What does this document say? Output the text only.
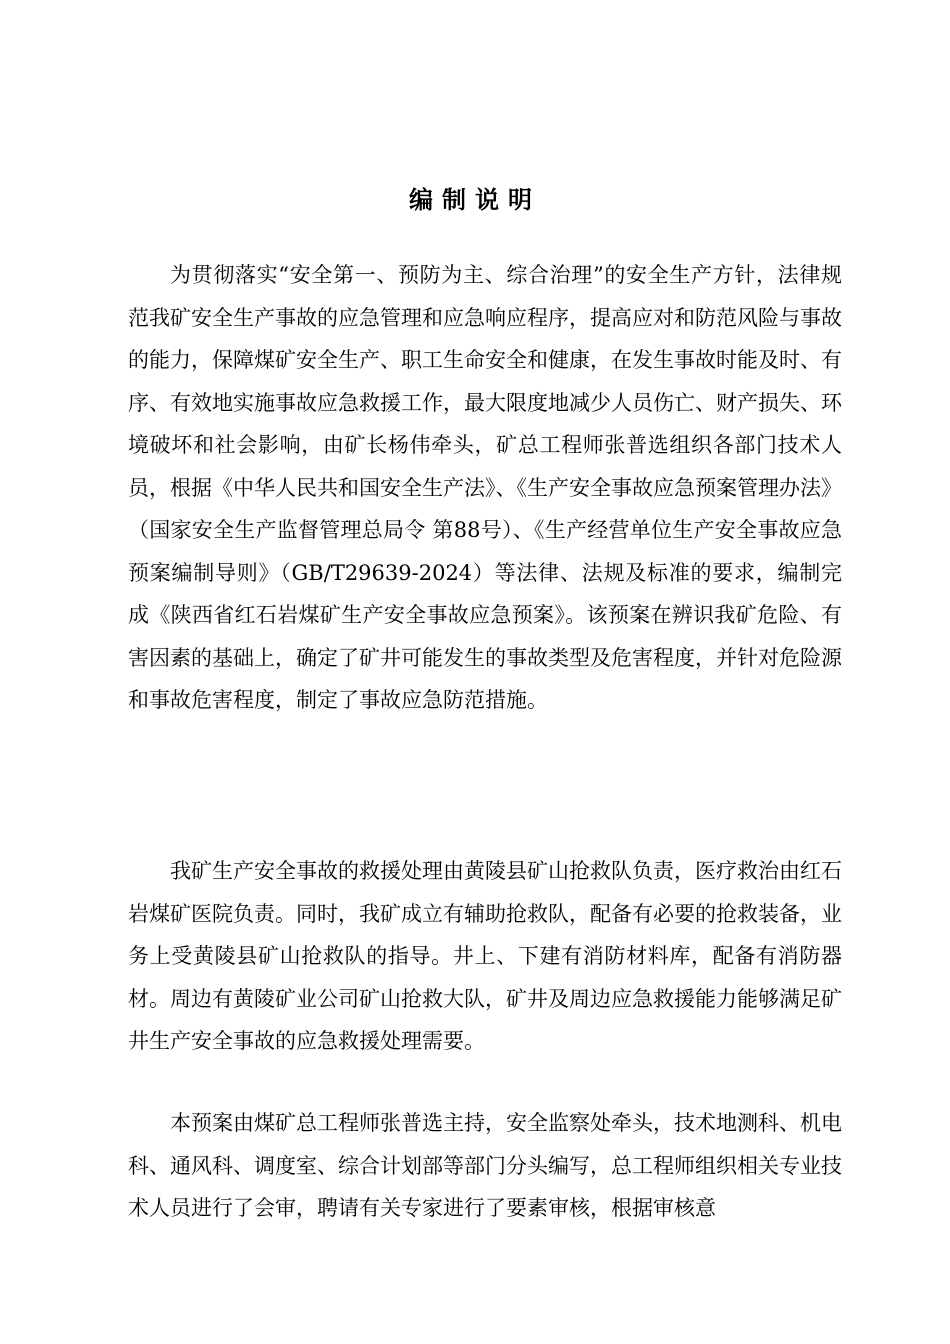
编制说明

为贯彻落实“安全第一、预防为主、综合治理”的安全生产方针，法律规范我矿安全生产事故的应急管理和应急响应程序，提高应对和防范风险与事故的能力，保障煤矿安全生产、职工生命安全和健康，在发生事故时能及时、有序、有效地实施事故应急救援工作，最大限度地减少人员伤亡、财产损失、环境破坏和社会影响，由矿长杨伟牵头，矿总工程师张普选组织各部门技术人员，根据《中华人民共和国安全生产法》、《生产安全事故应急预案管理办法》（国家安全生产监督管理总局令 第88号）、《生产经营单位生产安全事故应急预案编制导则》（GB/T29639-2024）等法律、法规及标准的要求，编制完成《陕西省红石岩煤矿生产安全事故应急预案》。该预案在辨识我矿危险、有害因素的基础上，确定了矿井可能发生的事故类型及危害程度，并针对危险源和事故危害程度，制定了事故应急防范措施。

我矿生产安全事故的救援处理由黄陵县矿山抢救队负责，医疗救治由红石岩煤矿医院负责。同时，我矿成立有辅助抢救队，配备有必要的抢救装备，业务上受黄陵县矿山抢救队的指导。井上、下建有消防材料库，配备有消防器材。周边有黄陵矿业公司矿山抢救大队，矿井及周边应急救援能力能够满足矿井生产安全事故的应急救援处理需要。

本预案由煤矿总工程师张普选主持，安全监察处牵头，技术地测科、机电科、通风科、调度室、综合计划部等部门分头编写，总工程师组织相关专业技术人员进行了会审，聘请有关专家进行了要素审核，根据审核意
